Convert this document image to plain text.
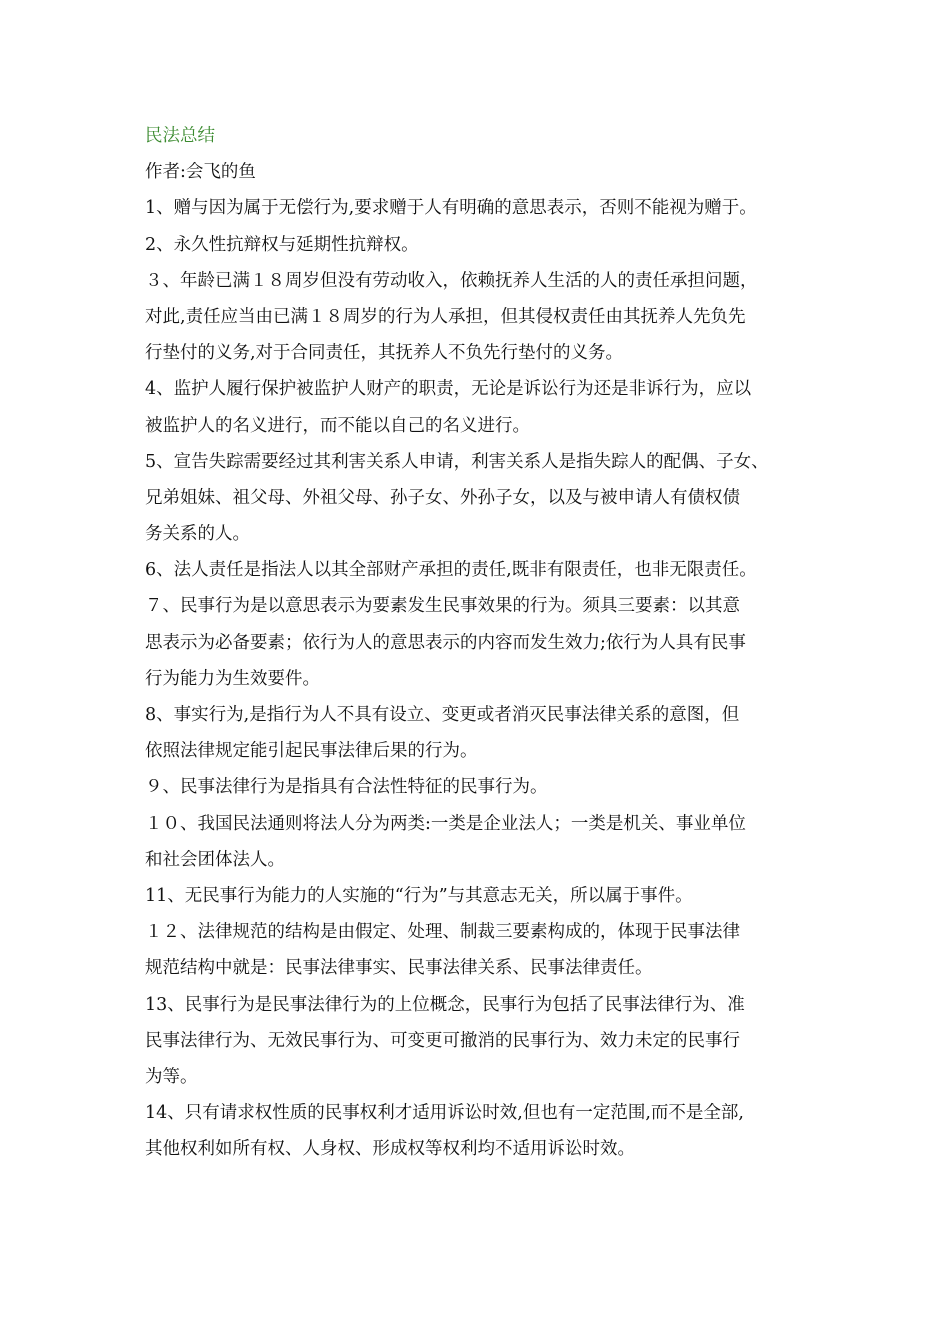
民法总结
作者:会飞的鱼
1、赠与因为属于无偿行为,要求赠于人有明确的意思表示，否则不能视为赠于。
2、永久性抗辩权与延期性抗辩权。
３、年龄已满１８周岁但没有劳动收入，依赖抚养人生活的人的责任承担问题，
对此,责任应当由已满１８周岁的行为人承担，但其侵权责任由其抚养人先负先
行垫付的义务,对于合同责任，其抚养人不负先行垫付的义务。
4、监护人履行保护被监护人财产的职责，无论是诉讼行为还是非诉行为，应以
被监护人的名义进行，而不能以自己的名义进行。
5、宣告失踪需要经过其利害关系人申请，利害关系人是指失踪人的配偶、子女、
兄弟姐妹、祖父母、外祖父母、孙子女、外孙子女，以及与被申请人有债权债
务关系的人。
6、法人责任是指法人以其全部财产承担的责任,既非有限责任，也非无限责任。
７、民事行为是以意思表示为要素发生民事效果的行为。须具三要素：以其意
思表示为必备要素；依行为人的意思表示的内容而发生效力;依行为人具有民事
行为能力为生效要件。
8、事实行为,是指行为人不具有设立、变更或者消灭民事法律关系的意图，但
依照法律规定能引起民事法律后果的行为。
９、民事法律行为是指具有合法性特征的民事行为。
１０、我国民法通则将法人分为两类:一类是企业法人；一类是机关、事业单位
和社会团体法人。
11、无民事行为能力的人实施的“行为”与其意志无关，所以属于事件。
１２、法律规范的结构是由假定、处理、制裁三要素构成的，体现于民事法律
规范结构中就是：民事法律事实、民事法律关系、民事法律责任。
13、民事行为是民事法律行为的上位概念，民事行为包括了民事法律行为、准
民事法律行为、无效民事行为、可变更可撤消的民事行为、效力未定的民事行
为等。
14、只有请求权性质的民事权利才适用诉讼时效,但也有一定范围,而不是全部,
其他权利如所有权、人身权、形成权等权利均不适用诉讼时效。
